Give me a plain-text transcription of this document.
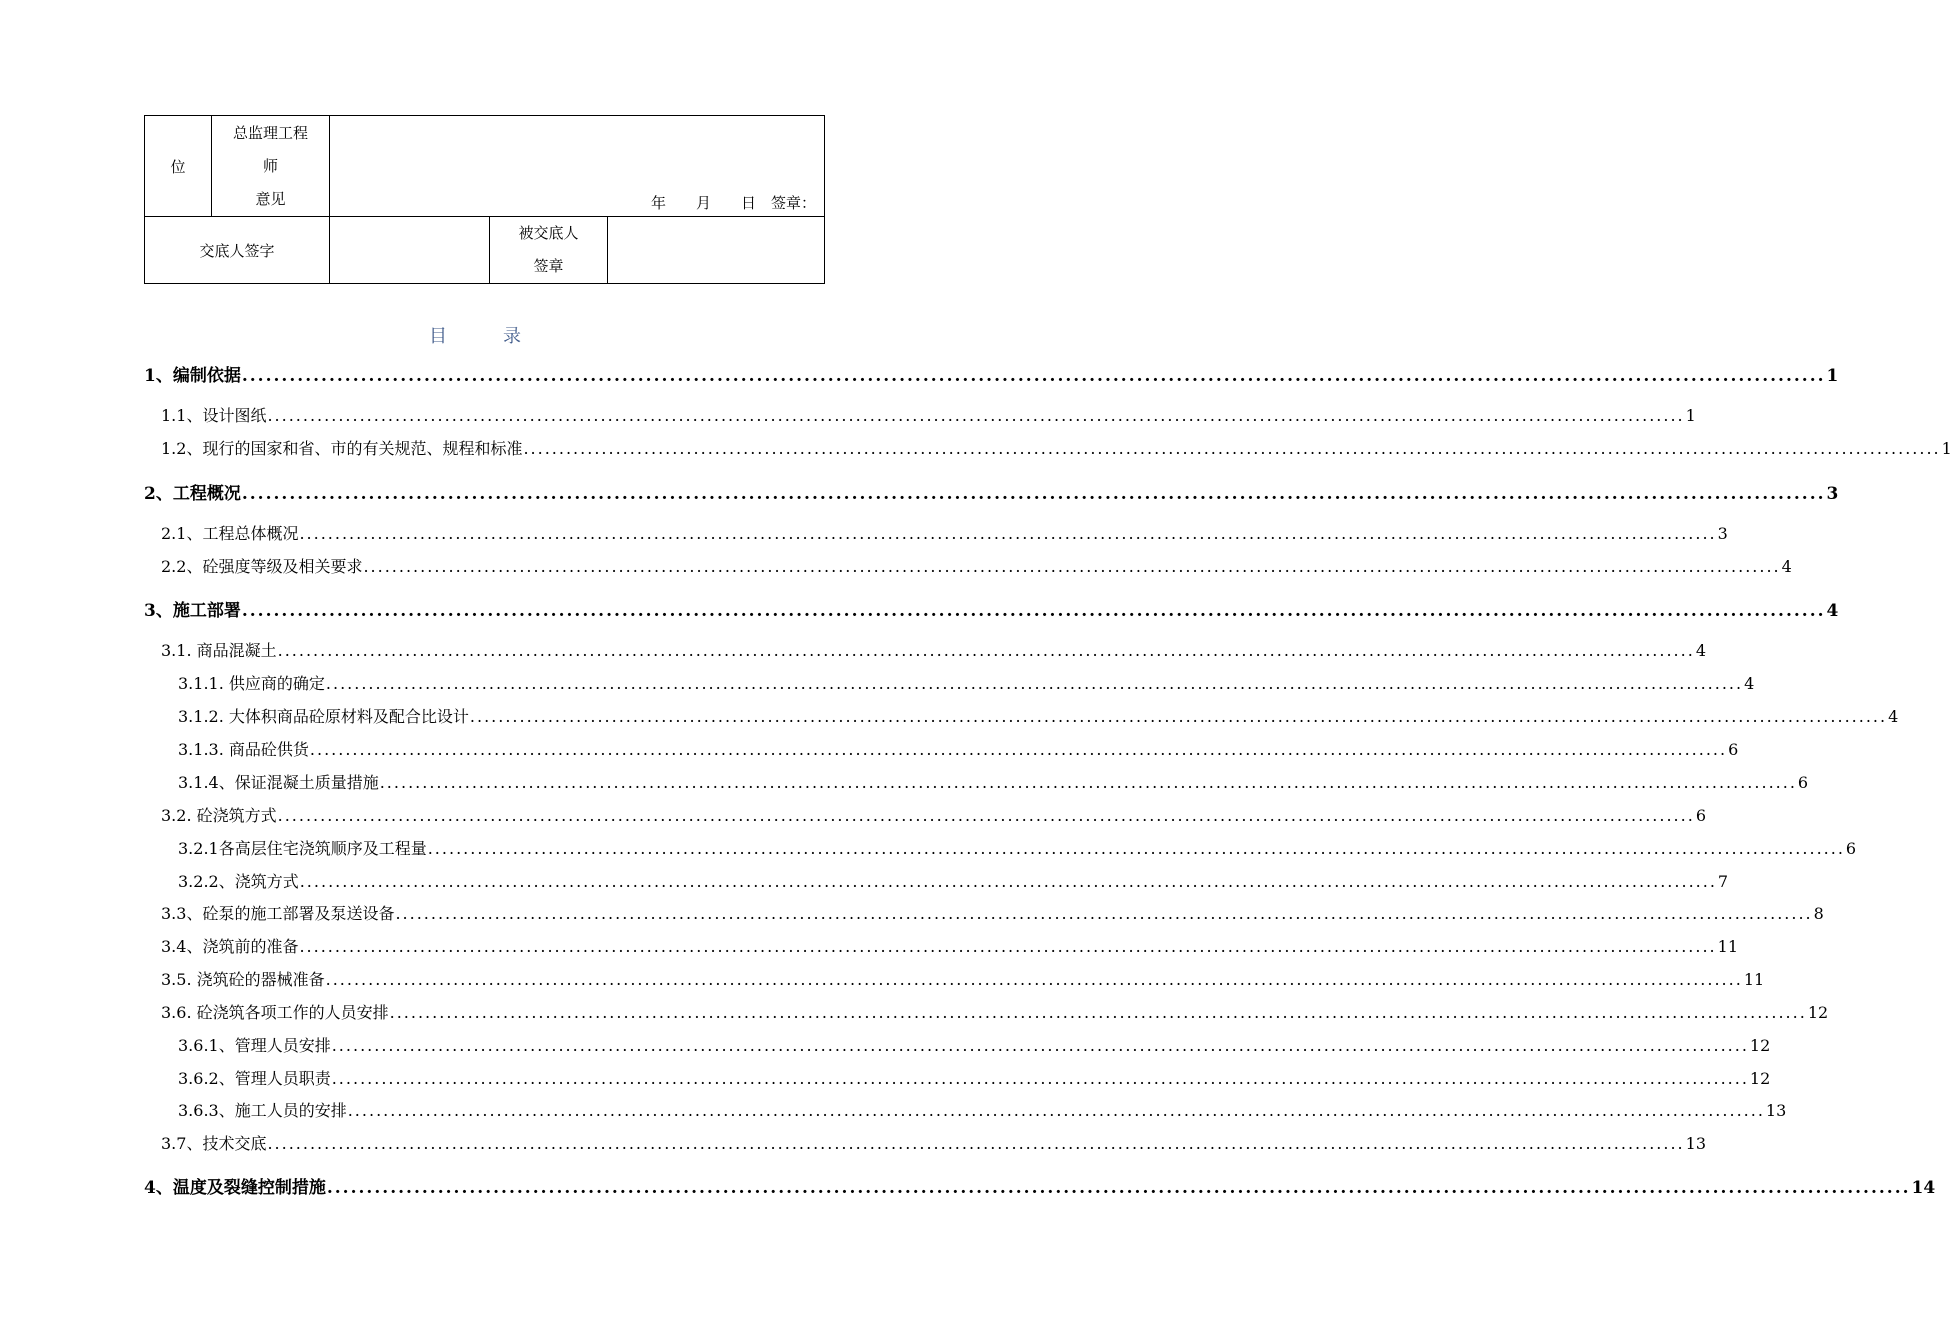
位	总监理工程
师
意见	年　　月　　日　签章：		

交底人签字			被交底人
签章	

目	录
1、编制依据 ........................................................................................................................................................................................................ 1
1.1、设计图纸 ........................................................................................................................................................................................................ 1
1.2、现行的国家和省、市的有关规范、规程和标准 ........................................................................................................................................................................................................ 1
2、工程概况 ........................................................................................................................................................................................................ 3
2.1、工程总体概况 ........................................................................................................................................................................................................ 3
2.2、砼强度等级及相关要求 ........................................................................................................................................................................................................ 4
3、施工部署 ........................................................................................................................................................................................................ 4
3.1. 商品混凝土 ........................................................................................................................................................................................................ 4
3.1.1. 供应商的确定 ........................................................................................................................................................................................................ 4
3.1.2. 大体积商品砼原材料及配合比设计 ........................................................................................................................................................................................................ 4
3.1.3. 商品砼供货 ........................................................................................................................................................................................................ 6
3.1.4、保证混凝土质量措施 ........................................................................................................................................................................................................ 6
3.2. 砼浇筑方式 ........................................................................................................................................................................................................ 6
3.2.1各高层住宅浇筑顺序及工程量 ........................................................................................................................................................................................................ 6
3.2.2、浇筑方式 ........................................................................................................................................................................................................ 7
3.3、砼泵的施工部署及泵送设备 ........................................................................................................................................................................................................ 8
3.4、浇筑前的准备 ........................................................................................................................................................................................................ 11
3.5. 浇筑砼的器械准备 ........................................................................................................................................................................................................ 11
3.6. 砼浇筑各项工作的人员安排 ........................................................................................................................................................................................................ 12
3.6.1、管理人员安排 ........................................................................................................................................................................................................ 12
3.6.2、管理人员职责 ........................................................................................................................................................................................................ 12
3.6.3、施工人员的安排 ........................................................................................................................................................................................................ 13
3.7、技术交底 ........................................................................................................................................................................................................ 13
4、温度及裂缝控制措施 ........................................................................................................................................................................................................ 14
